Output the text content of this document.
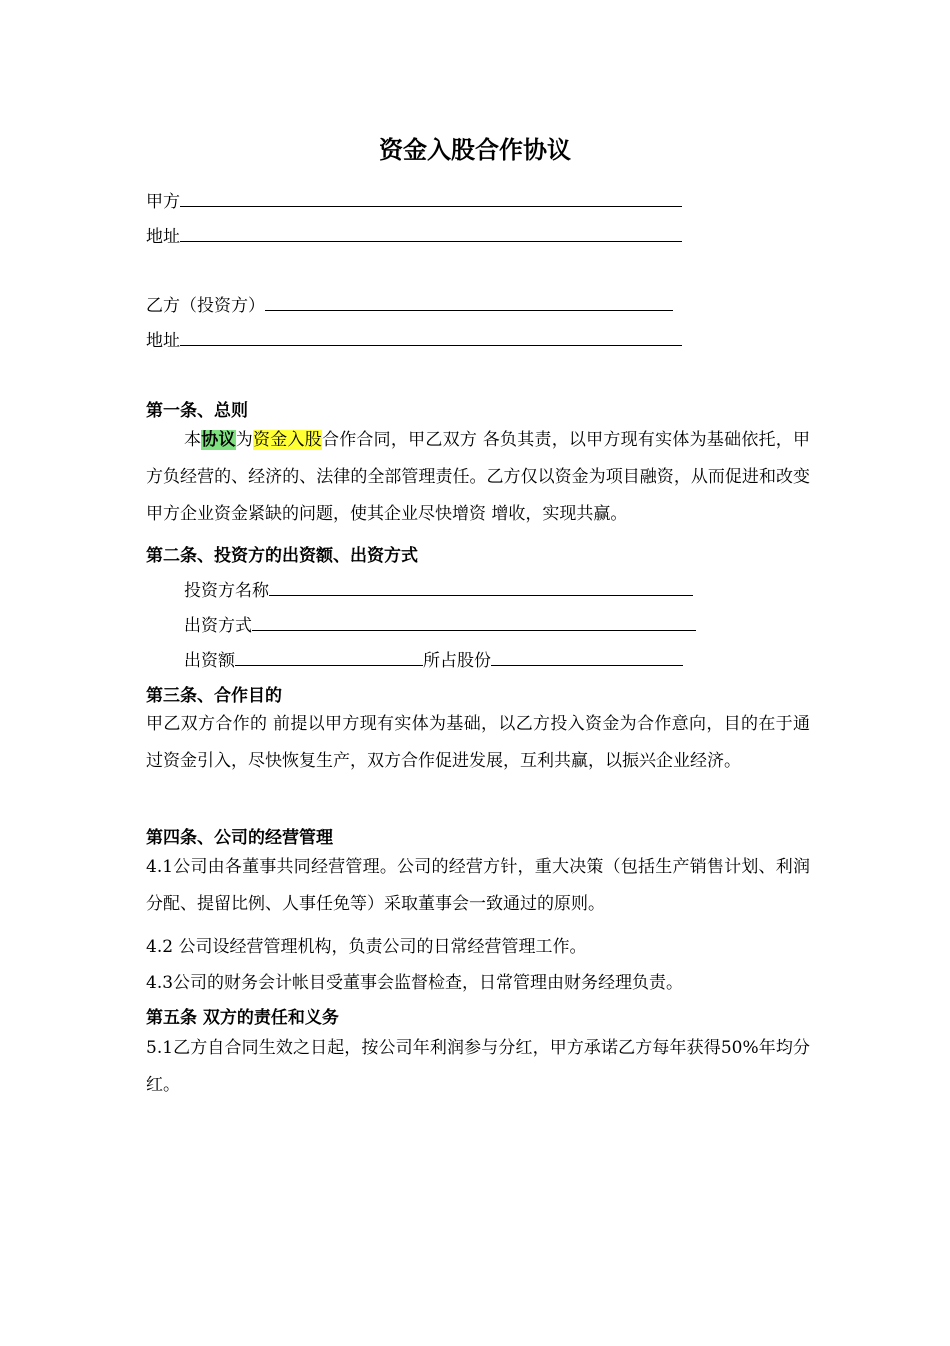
资金入股合作协议
甲方
地址
乙方（投资方）
地址
第一条、总则
本协议为资金入股合作合同，甲乙双方 各负其责，以甲方现有实体为基础依托，甲方负经营的、经济的、法律的全部管理责任。乙方仅以资金为项目融资，从而促进和改变甲方企业资金紧缺的问题，使其企业尽快增资 增收，实现共赢。
第二条、投资方的出资额、出资方式
投资方名称
出资方式
出资额	所占股份
第三条、合作目的
甲乙双方合作的 前提以甲方现有实体为基础，以乙方投入资金为合作意向，目的在于通过资金引入，尽快恢复生产，双方合作促进发展，互利共赢，以振兴企业经济。
第四条、公司的经营管理
4.1公司由各董事共同经营管理。公司的经营方针，重大决策（包括生产销售计划、利润分配、提留比例、人事任免等）采取董事会一致通过的原则。
4.2 公司设经营管理机构，负责公司的日常经营管理工作。
4.3公司的财务会计帐目受董事会监督检查，日常管理由财务经理负责。
第五条 双方的责任和义务
5.1乙方自合同生效之日起，按公司年利润参与分红，甲方承诺乙方每年获得50%年均分红。
